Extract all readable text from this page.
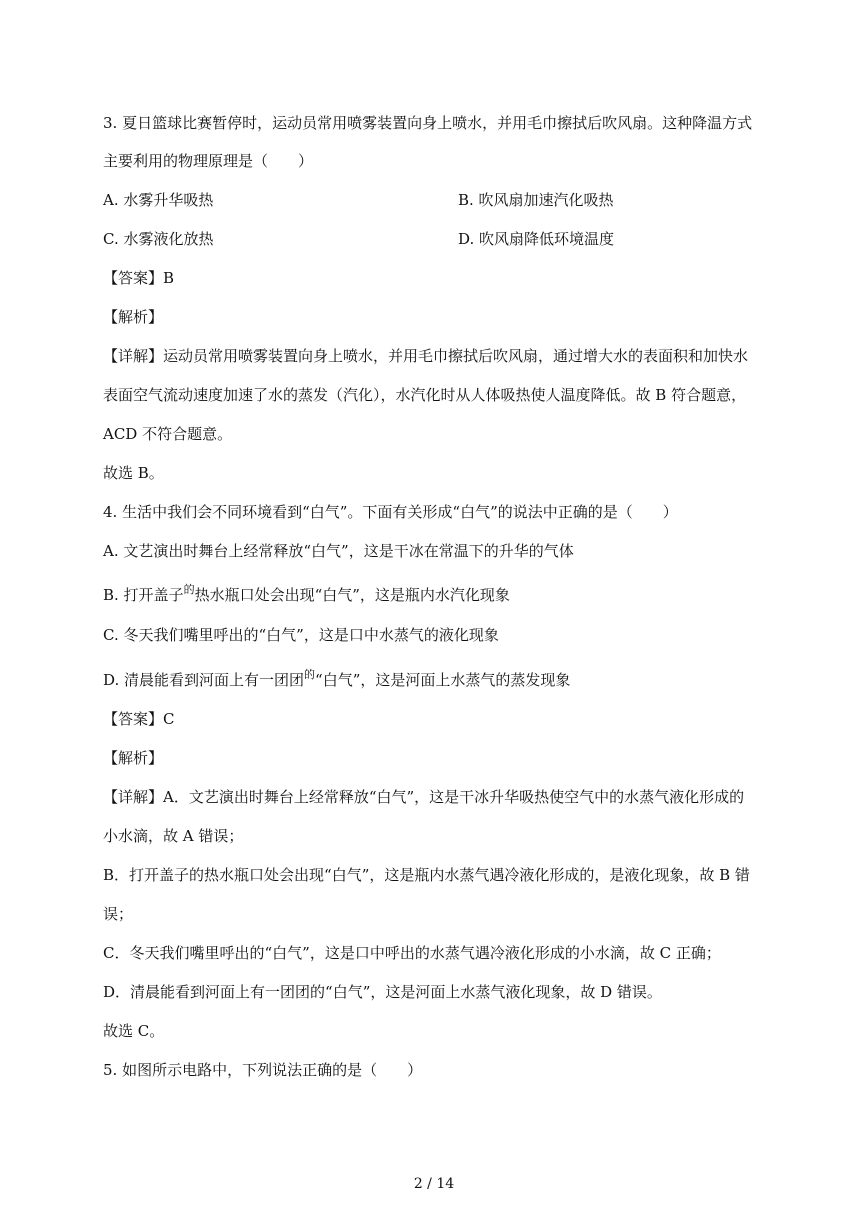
3. 夏日篮球比赛暂停时，运动员常用喷雾装置向身上喷水，并用毛巾擦拭后吹风扇。这种降温方式
主要利用的物理原理是（　　）
A. 水雾升华吸热	B. 吹风扇加速汽化吸热
C. 水雾液化放热	D. 吹风扇降低环境温度
【答案】B
【解析】
【详解】运动员常用喷雾装置向身上喷水，并用毛巾擦拭后吹风扇，通过增大水的表面积和加快水
表面空气流动速度加速了水的蒸发（汽化），水汽化时从人体吸热使人温度降低。故 B 符合题意，
ACD 不符合题意。
故选 B。
4. 生活中我们会不同环境看到“白气”。下面有关形成“白气”的说法中正确的是（　　）
A. 文艺演出时舞台上经常释放“白气”，这是干冰在常温下的升华的气体
B. 打开盖子$^的$热水瓶口处会出现“白气”，这是瓶内水汽化现象
C. 冬天我们嘴里呼出的“白气”，这是口中水蒸气的液化现象
D. 清晨能看到河面上有一团团$^的$“白气”，这是河面上水蒸气的蒸发现象
【答案】C
【解析】
【详解】A．文艺演出时舞台上经常释放“白气”，这是干冰升华吸热使空气中的水蒸气液化形成的
小水滴，故 A 错误；
B．打开盖子的热水瓶口处会出现“白气”，这是瓶内水蒸气遇冷液化形成的，是液化现象，故 B 错
误；
C．冬天我们嘴里呼出的“白气”，这是口中呼出的水蒸气遇冷液化形成的小水滴，故 C 正确；
D．清晨能看到河面上有一团团的“白气”，这是河面上水蒸气液化现象，故 D 错误。
故选 C。
5. 如图所示电路中，下列说法正确的是（　　）
2 / 14
